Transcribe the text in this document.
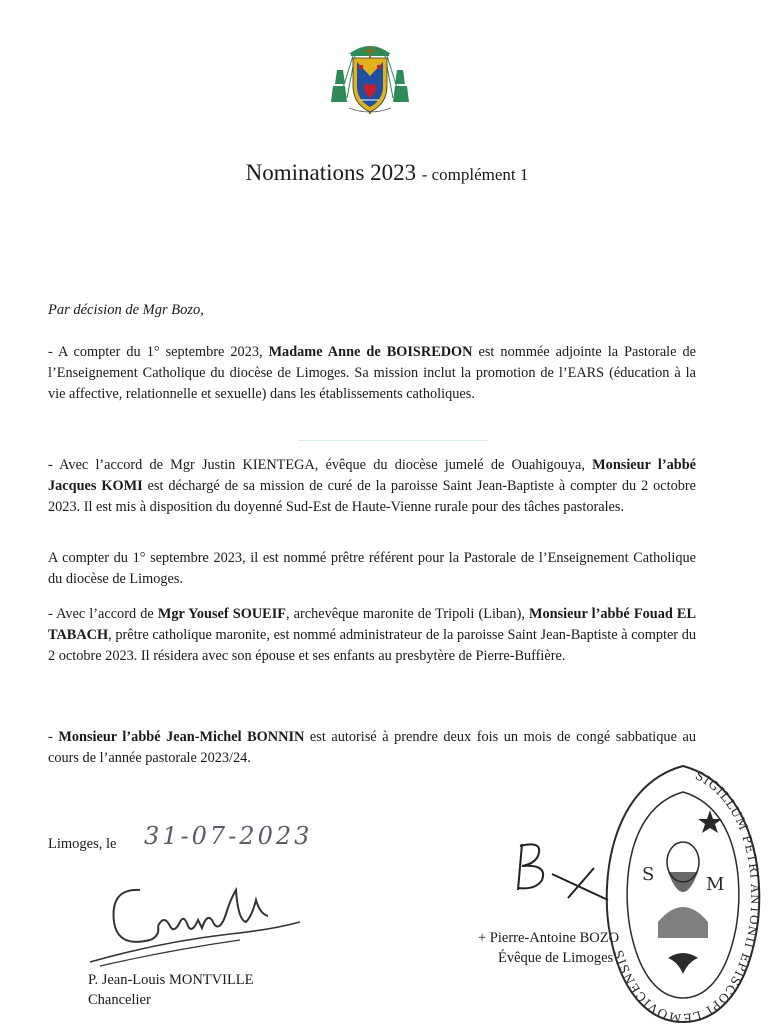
Nominations 2023 - complément 1
Par décision de Mgr Bozo,
- A compter du 1° septembre 2023, Madame Anne de BOISREDON est nommée adjointe la Pastorale de l’Enseignement Catholique du diocèse de Limoges. Sa mission inclut la promotion de l’EARS (éducation à la vie affective, relationnelle et sexuelle) dans les établissements catholiques.
- Avec l’accord de Mgr Justin KIENTEGA, évêque du diocèse jumelé de Ouahigouya, Monsieur l’abbé Jacques KOMI est déchargé de sa mission de curé de la paroisse Saint Jean-Baptiste à compter du 2 octobre 2023. Il est mis à disposition du doyenné Sud-Est de Haute-Vienne rurale pour des tâches pastorales.
A compter du 1° septembre 2023, il est nommé prêtre référent pour la Pastorale de l’Enseignement Catholique du diocèse de Limoges.
- Avec l’accord de Mgr Yousef SOUEIF, archevêque maronite de Tripoli (Liban), Monsieur l’abbé Fouad EL TABACH, prêtre catholique maronite, est nommé administrateur de la paroisse Saint Jean-Baptiste à compter du 2 octobre 2023. Il résidera avec son épouse et ses enfants au presbytère de Pierre-Buffière.
- Monsieur l’abbé Jean-Michel BONNIN est autorisé à prendre deux fois un mois de congé sabbatique au cours de l’année pastorale 2023/24.
Limoges, le 31-07-2023
P. Jean-Louis MONTVILLE
Chancelier
+ Pierre-Antoine BOZO
Évêque de Limoges
SIGILLUM PETRI ANTONII EPISCOPI LEMOVICENSIS
S	M
